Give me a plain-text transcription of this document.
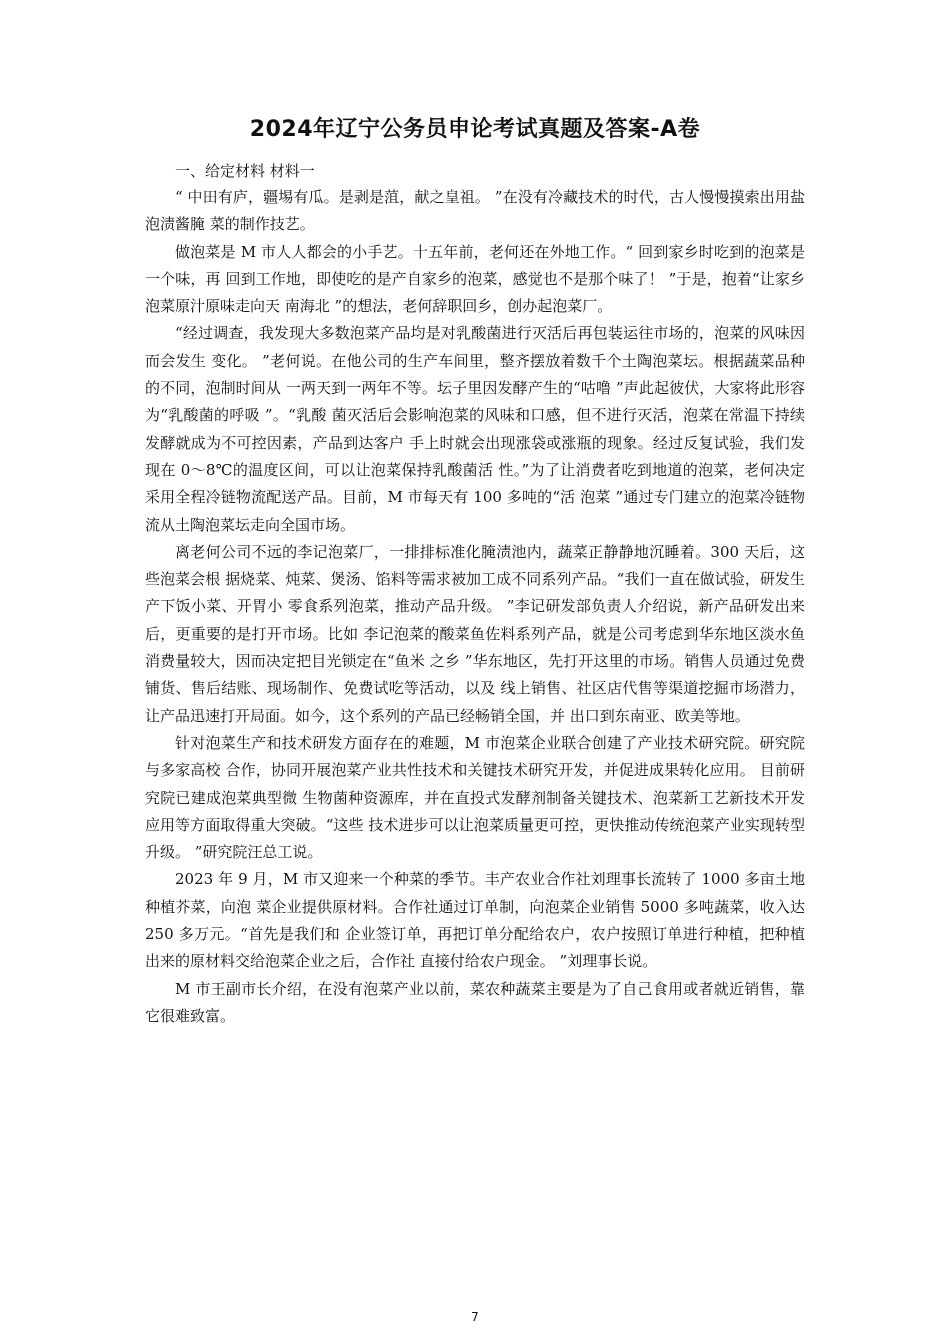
2024年辽宁公务员申论考试真题及答案-A卷

一、给定材料 材料一

“ 中田有庐，疆埸有瓜。是剥是菹，献之皇祖。 ”在没有冷藏技术的时代，古人慢慢摸索出用盐泡渍酱腌 菜的制作技艺。

做泡菜是 M 市人人都会的小手艺。十五年前，老何还在外地工作。“ 回到家乡时吃到的泡菜是一个味，再 回到工作地，即使吃的是产自家乡的泡菜，感觉也不是那个味了！ ”于是，抱着“让家乡泡菜原汁原味走向天 南海北 ”的想法，老何辞职回乡，创办起泡菜厂。

“经过调查，我发现大多数泡菜产品均是对乳酸菌进行灭活后再包装运往市场的，泡菜的风味因而会发生 变化。 ”老何说。在他公司的生产车间里，整齐摆放着数千个土陶泡菜坛。根据蔬菜品种的不同，泡制时间从 一两天到一两年不等。坛子里因发酵产生的“咕噜 ”声此起彼伏，大家将此形容为“乳酸菌的呼吸 ”。“乳酸 菌灭活后会影响泡菜的风味和口感，但不进行灭活，泡菜在常温下持续发酵就成为不可控因素，产品到达客户 手上时就会出现涨袋或涨瓶的现象。经过反复试验，我们发现在 0～8℃的温度区间，可以让泡菜保持乳酸菌活 性。”为了让消费者吃到地道的泡菜，老何决定采用全程冷链物流配送产品。目前，M 市每天有 100 多吨的“活 泡菜 ”通过专门建立的泡菜冷链物流从土陶泡菜坛走向全国市场。

离老何公司不远的李记泡菜厂，一排排标准化腌渍池内，蔬菜正静静地沉睡着。300 天后，这些泡菜会根 据烧菜、炖菜、煲汤、馅料等需求被加工成不同系列产品。“我们一直在做试验，研发生产下饭小菜、开胃小 零食系列泡菜，推动产品升级。 ”李记研发部负责人介绍说，新产品研发出来后，更重要的是打开市场。比如 李记泡菜的酸菜鱼佐料系列产品，就是公司考虑到华东地区淡水鱼消费量较大，因而决定把目光锁定在“鱼米 之乡 ”华东地区，先打开这里的市场。销售人员通过免费铺货、售后结账、现场制作、免费试吃等活动，以及 线上销售、社区店代售等渠道挖掘市场潜力，让产品迅速打开局面。如今，这个系列的产品已经畅销全国，并 出口到东南亚、欧美等地。

针对泡菜生产和技术研发方面存在的难题，M 市泡菜企业联合创建了产业技术研究院。研究院与多家高校 合作，协同开展泡菜产业共性技术和关键技术研究开发，并促进成果转化应用。 目前研究院已建成泡菜典型微 生物菌种资源库，并在直投式发酵剂制备关键技术、泡菜新工艺新技术开发应用等方面取得重大突破。“这些 技术进步可以让泡菜质量更可控，更快推动传统泡菜产业实现转型升级。 ”研究院汪总工说。

2023 年 9 月，M 市又迎来一个种菜的季节。丰产农业合作社刘理事长流转了 1000 多亩土地种植芥菜，向泡 菜企业提供原材料。合作社通过订单制，向泡菜企业销售 5000 多吨蔬菜，收入达 250 多万元。“首先是我们和 企业签订单，再把订单分配给农户，农户按照订单进行种植，把种植出来的原材料交给泡菜企业之后，合作社 直接付给农户现金。 ”刘理事长说。

M 市王副市长介绍，在没有泡菜产业以前，菜农种蔬菜主要是为了自己食用或者就近销售，靠它很难致富。

7
